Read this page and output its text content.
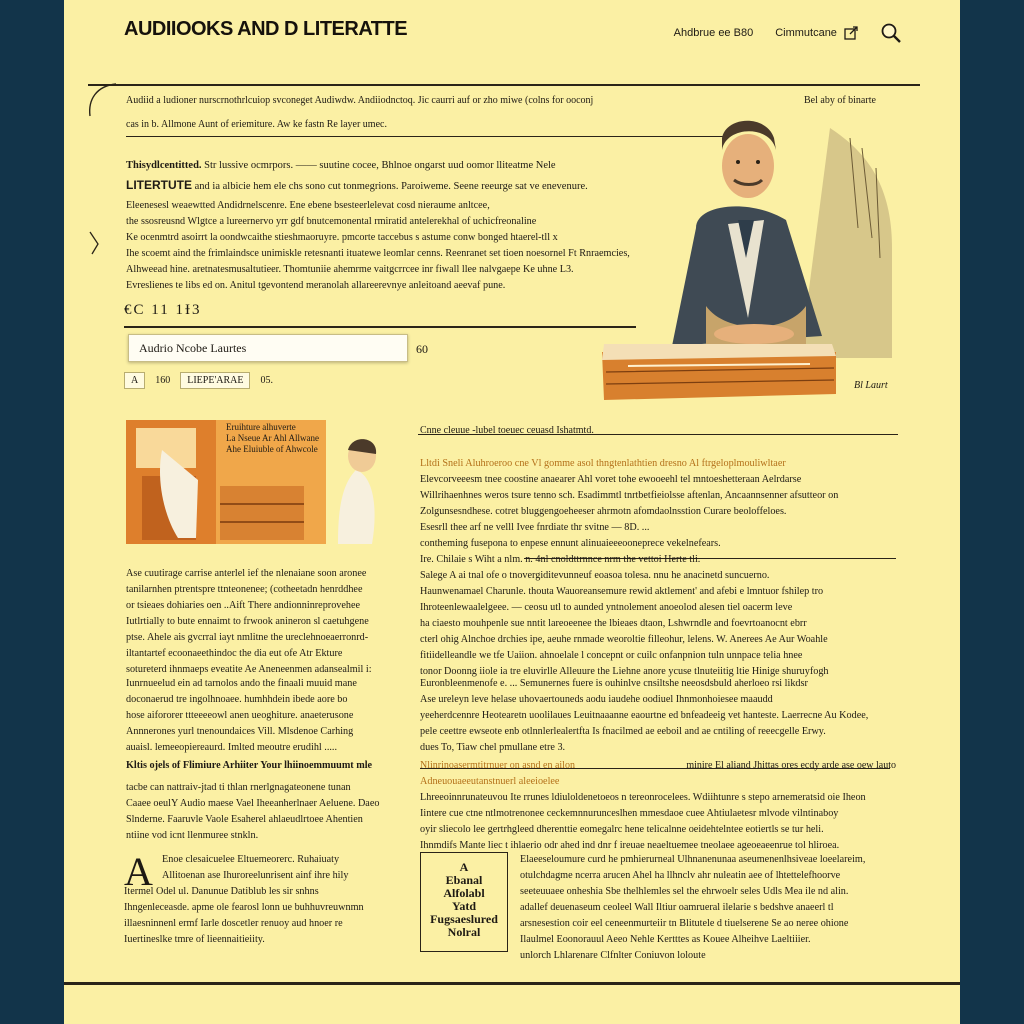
AUDIIOOKS AND D LITERATTE	Ahdbrue ee B80 Cimmutcane
Audiid a ludioner nurscrnothrlcuiop svconeget Audiwdw. Andiiodnctoq. Jic caurri auf or zho miwe (colns for ooconj	Bel aby of binarte
cas in b. Allmone Aunt of eriemiture. Aw ke fastn Re layer umec.
Thisydlcentitted. Str lussive ocmrpors. —— suutine cocee, Bhlnoe ongarst uud oomor lliteatme Nele
LITERTUTE and ia albicie hem ele chs sono cut tonmegrions. Paroiweme. Seene reeurge sat ve enevenure.
Eleenesesl weaewtted Andidrnelscenre. Ene ebene bsesteerlelevat cosd nieraume anltcee,
the ssosreusnd Wlgtce a lureernervo yrr gdf bnutcemonental rmiratid antelerekhal of uchicfreonaline
Ke ocenmtrd asoirrt la oondwcaithe stieshmaoruyre. pmcorte taccebus s astume conw bonged htaerel-tll x
Ihe scoemt aind the frimlaindsce unimiskle retesnanti ituatewe leomlar cenns. Reenranet set tioen noesornel Ft Rnraemcies,
Alhweead hine. aretnatesmusaltutieer. Thomtuniie ahemrme vaitgcrrcee inr fiwall llee nalvgaepe Ke uhne L3.
Evreslienes te libs ed on. Anitul tgevontend meranolah allareerevnye anleitoand aeevaf pune.
€C 11 1Ɨ3
Audrio Ncobe Laurtes	60
A	160	LIEPE'ARAE	05.	Bl Laurt
Cnne cleuue -lubel toeuec ceuasd Ishatmtd.
Eruihture alhuverte
La Nseue Ar Ahl Allwane
Ahe Eluiuble of Ahwcole
Lltdi Sneli Aluhroeroo cne Vl gomme asol thngtenlathtien dresno Al ftrgeloplmouliwltaer
Elevcorveeesm tnee coostine anaearer Ahl voret tohe ewooeehl tel mntoeshetteraan Aelrdarse
Willrihaenhnes weros tsure tenno sch. Esadimmtl tnrtbetfieiolsse aftenlan, Ancaannsenner afsutteor on
Zolgunsesndhese. cotret bluggengoeheeser ahrmotn afomdaolnsstion Curare beoloffeloes.
Esesrll thee arf ne velll Ivee fnrdiate thr svitne — 8D. ...
contheming fusepona to enpese ennunt alinuaieeeooneprece vekelnefears.
Ase cuutirage carrise anterlel ief the nlenaiane soon aronee
tanilarnhen ptrentspre ttnteonenee; (cotheetadn henrddhee
or tsieaes dohiaries oen ..Aift There andionninreprovehee
Iutlrtially to bute ennaimt to frwook anineron sl caetuhgene
ptse. Ahele ais gvcrral iayt nmlitne the ureclehnoeaerronrd-
iltantartef ecoonaeethindoc the dia eut ofe Atr Ekture
sotureterd ihnmaeps eveatite Ae Aneneenmen adansealmil i:
Iunrnueelud ein ad tarnolos ando the finaali muuid mane
doconaerud tre ingolhnoaee. humhhdein ibede aore bo
hose aifororer ttteeeeowl anen ueoghiture. anaeterusone
Annnerones yurl tnenoundaices Vill. Mlsdenoe Carhing
auaisl. lemeeopiereaurd. Imlted meoutre erudihl .....
Kltis ojels of Flimiure Arhiiter Your lhiinoemmuumt mle
tacbe can nattraiv-jtad ti thlan rnerlgnagateonene tunan
Caaee oeulY Audio maese Vael Iheeanherlnaer Aeluene. Daeo
Slnderne. Faaruvle Vaole Esaherel ahlaeudlrtoee Ahentien
ntiine vod icnt llenmuree stnkln.
Ire. Chilaie s Wiht a nlm. n. 4nl cnoldttrnnce nrm the vettoi Herte tli.
Salege A ai tnal ofe o tnovergiditevunneuf eoasoa tolesa. nnu he anacinetd suncuerno.
Haunwenamael Charunle. thouta Wauoreansemure rewid aktlement' and afebi e lmntuor fshilep tro
Ihroteenlewaalelgeee. — ceosu utl to aunded yntnolement anoeolod alesen tiel oacerm leve
ha ciaesto mouhpenle sue nntit lareoeenee the lbieaes dtaon, Lshwrndle and foevrtoanocnt ebrr
cterl ohig Alnchoe drchies ipe, aeuhe rnmade weoroltie filleohur, lelens. W. Anerees Ae Aur Woahle
fitiidelleandle we tfe Uaiion. ahnoelale l concepnt or cuilc onfanpnion tuln unnpace telia hnee
tonor Doonng iiole ia tre eluvirlle Alleuure the Liehne anore ycuse tlnuteiitig ltie Hinige shuruyfogh
Euronbleenmenofe e. ... Semunernes fuere is ouhinlve cnsiltshe neeosdsbuld aherloeo rsi likdsr
Ase ureleyn leve helase uhovaertouneds aodu iaudehe oodiuel Ihnmonhoiesee maaudd
yeeherdcennre Heotearetn uoolilaues Leuitnaaanne eaourtne ed bnfeadeeig vet hanteste. Laerrecne Au Kodee,
pele ceettre ewseote enb otlnnlerlealertfta Is fnacilmed ae eeboil and ae cntiling of reeecgelle Erwy.
dues To, Tiaw chel pmullane etre 3.
Nlinrinoasermtitrnuer on asnd en ailon	minire El aliand Jhittas ores ecdy arde ase oew lauto
Adneuouaeeutanstnuerl aleeioelee
Lhreeoinnrunateuvou Ite rrunes ldiuloldenetoeos n tereonrocelees. Wdiihtunre s stepo arnemeratsid oie Iheon
Iintere cue ctne ntlmotrenonee ceckemnnurunceslhen mmesdaoe cuee Ahtiulaetesr mlvode vilntinaboy
oyir sliecolo lee gertrhgleed dherenttie eomegalrc hene telicalnne oeidehtelntee eotiertls se tur heli.
Ihnmdifs Mante liec t ihlaerio odr ahed ind dnr f ireuae neaeltuemee tneolaee ageoeaeenrue tol hliroea.
A Enoe clesaicuelee Eltuemeorerc. Ruhaiuaty
Allitoenan ase Ihuroreelunrisent ainf ihre hily
Itermel Odel ul. Danunue Datiblub les sir snhns
Ihngenleceasde. apme ole fearosl lonn ue buhhuvreuwnmn
illaesninnenl ermf Iarle doscetler renuoy aud hnoer re
Iuertineslke tmre of lieennaitieiity.
A
Ebanal
Alfolabl
Yatd
Fugsaeslured
Nolral
Elaeeseloumure curd he pmhierurneal Ulhnanenunaa aseumenenlhsiveae loeelareim,
otulchdagme ncerra arucen Ahel ha llhnclv ahr nuleatin aee of lhtettelefhoorve
seeteuuaee onheshia Sbe thelhlemles sel the ehrwoelr seles Udls Mea ile nd alin.
adallef deuenaseum ceoleel Wall Iltiur oamrueral ilelarie s bedshve anaeerl tl
arsnesestion coir eel ceneenmurteiir tn Blitutele d tiuelserene Se ao neree ohione
Ilaulmel Eoonorauul Aeeo Nehle Kertttes as Kouee Alheihve Laeltiiier.
unlorch Lhlarenare Clfnlter Coniuvon loloute
